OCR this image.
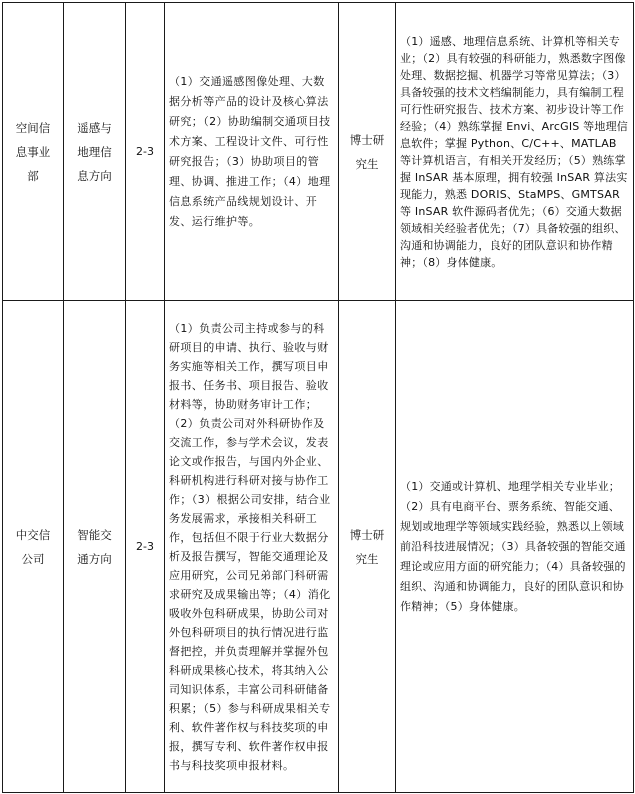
空间信息事业部	遥感与地理信息方向	2-3	（1）交通遥感图像处理、大数据分析等产品的设计及核心算法研究；（2）协助编制交通项目技术方案、工程设计文件、可行性研究报告；（3）协助项目的管理、协调、推进工作；（4）地理信息系统产品线规划设计、开发、运行维护等。	博士研究生	（1）遥感、地理信息系统、计算机等相关专业；（2）具有较强的科研能力，熟悉数字图像处理、数据挖掘、机器学习等常见算法；（3）具备较强的技术文档编制能力，具有编制工程可行性研究报告、技术方案、初步设计等工作经验；（4）熟练掌握 Envi、ArcGIS 等地理信息软件；掌握 Python、C/C++、MATLAB 等计算机语言，有相关开发经历；（5）熟练掌握 InSAR 基本原理，拥有较强 InSAR 算法实现能力，熟悉 DORIS、StaMPS、GMTSAR 等 InSAR 软件源码者优先；（6）交通大数据领域相关经验者优先；（7）具备较强的组织、沟通和协调能力，良好的团队意识和协作精神；（8）身体健康。
中交信公司	智能交通方向	2-3	（1）负责公司主持或参与的科研项目的申请、执行、验收与财务实施等相关工作，撰写项目申报书、任务书、项目报告、验收材料等，协助财务审计工作；（2）负责公司对外科研协作及交流工作，参与学术会议，发表论文或作报告，与国内外企业、科研机构进行科研对接与协作工作；（3）根据公司安排，结合业务发展需求，承接相关科研工作，包括但不限于行业大数据分析及报告撰写，智能交通理论及应用研究，公司兄弟部门科研需求研究及成果输出等；（4）消化吸收外包科研成果，协助公司对外包科研项目的执行情况进行监督把控，并负责理解并掌握外包科研成果核心技术，将其纳入公司知识体系，丰富公司科研储备积累；（5）参与科研成果相关专利、软件著作权与科技奖项的申报，撰写专利、软件著作权申报书与科技奖项申报材料。	博士研究生	（1）交通或计算机、地理学相关专业毕业；（2）具有电商平台、票务系统、智能交通、规划或地理学等领域实践经验，熟悉以上领域前沿科技进展情况；（3）具备较强的智能交通理论或应用方面的研究能力；（4）具备较强的组织、沟通和协调能力，良好的团队意识和协作精神；（5）身体健康。
